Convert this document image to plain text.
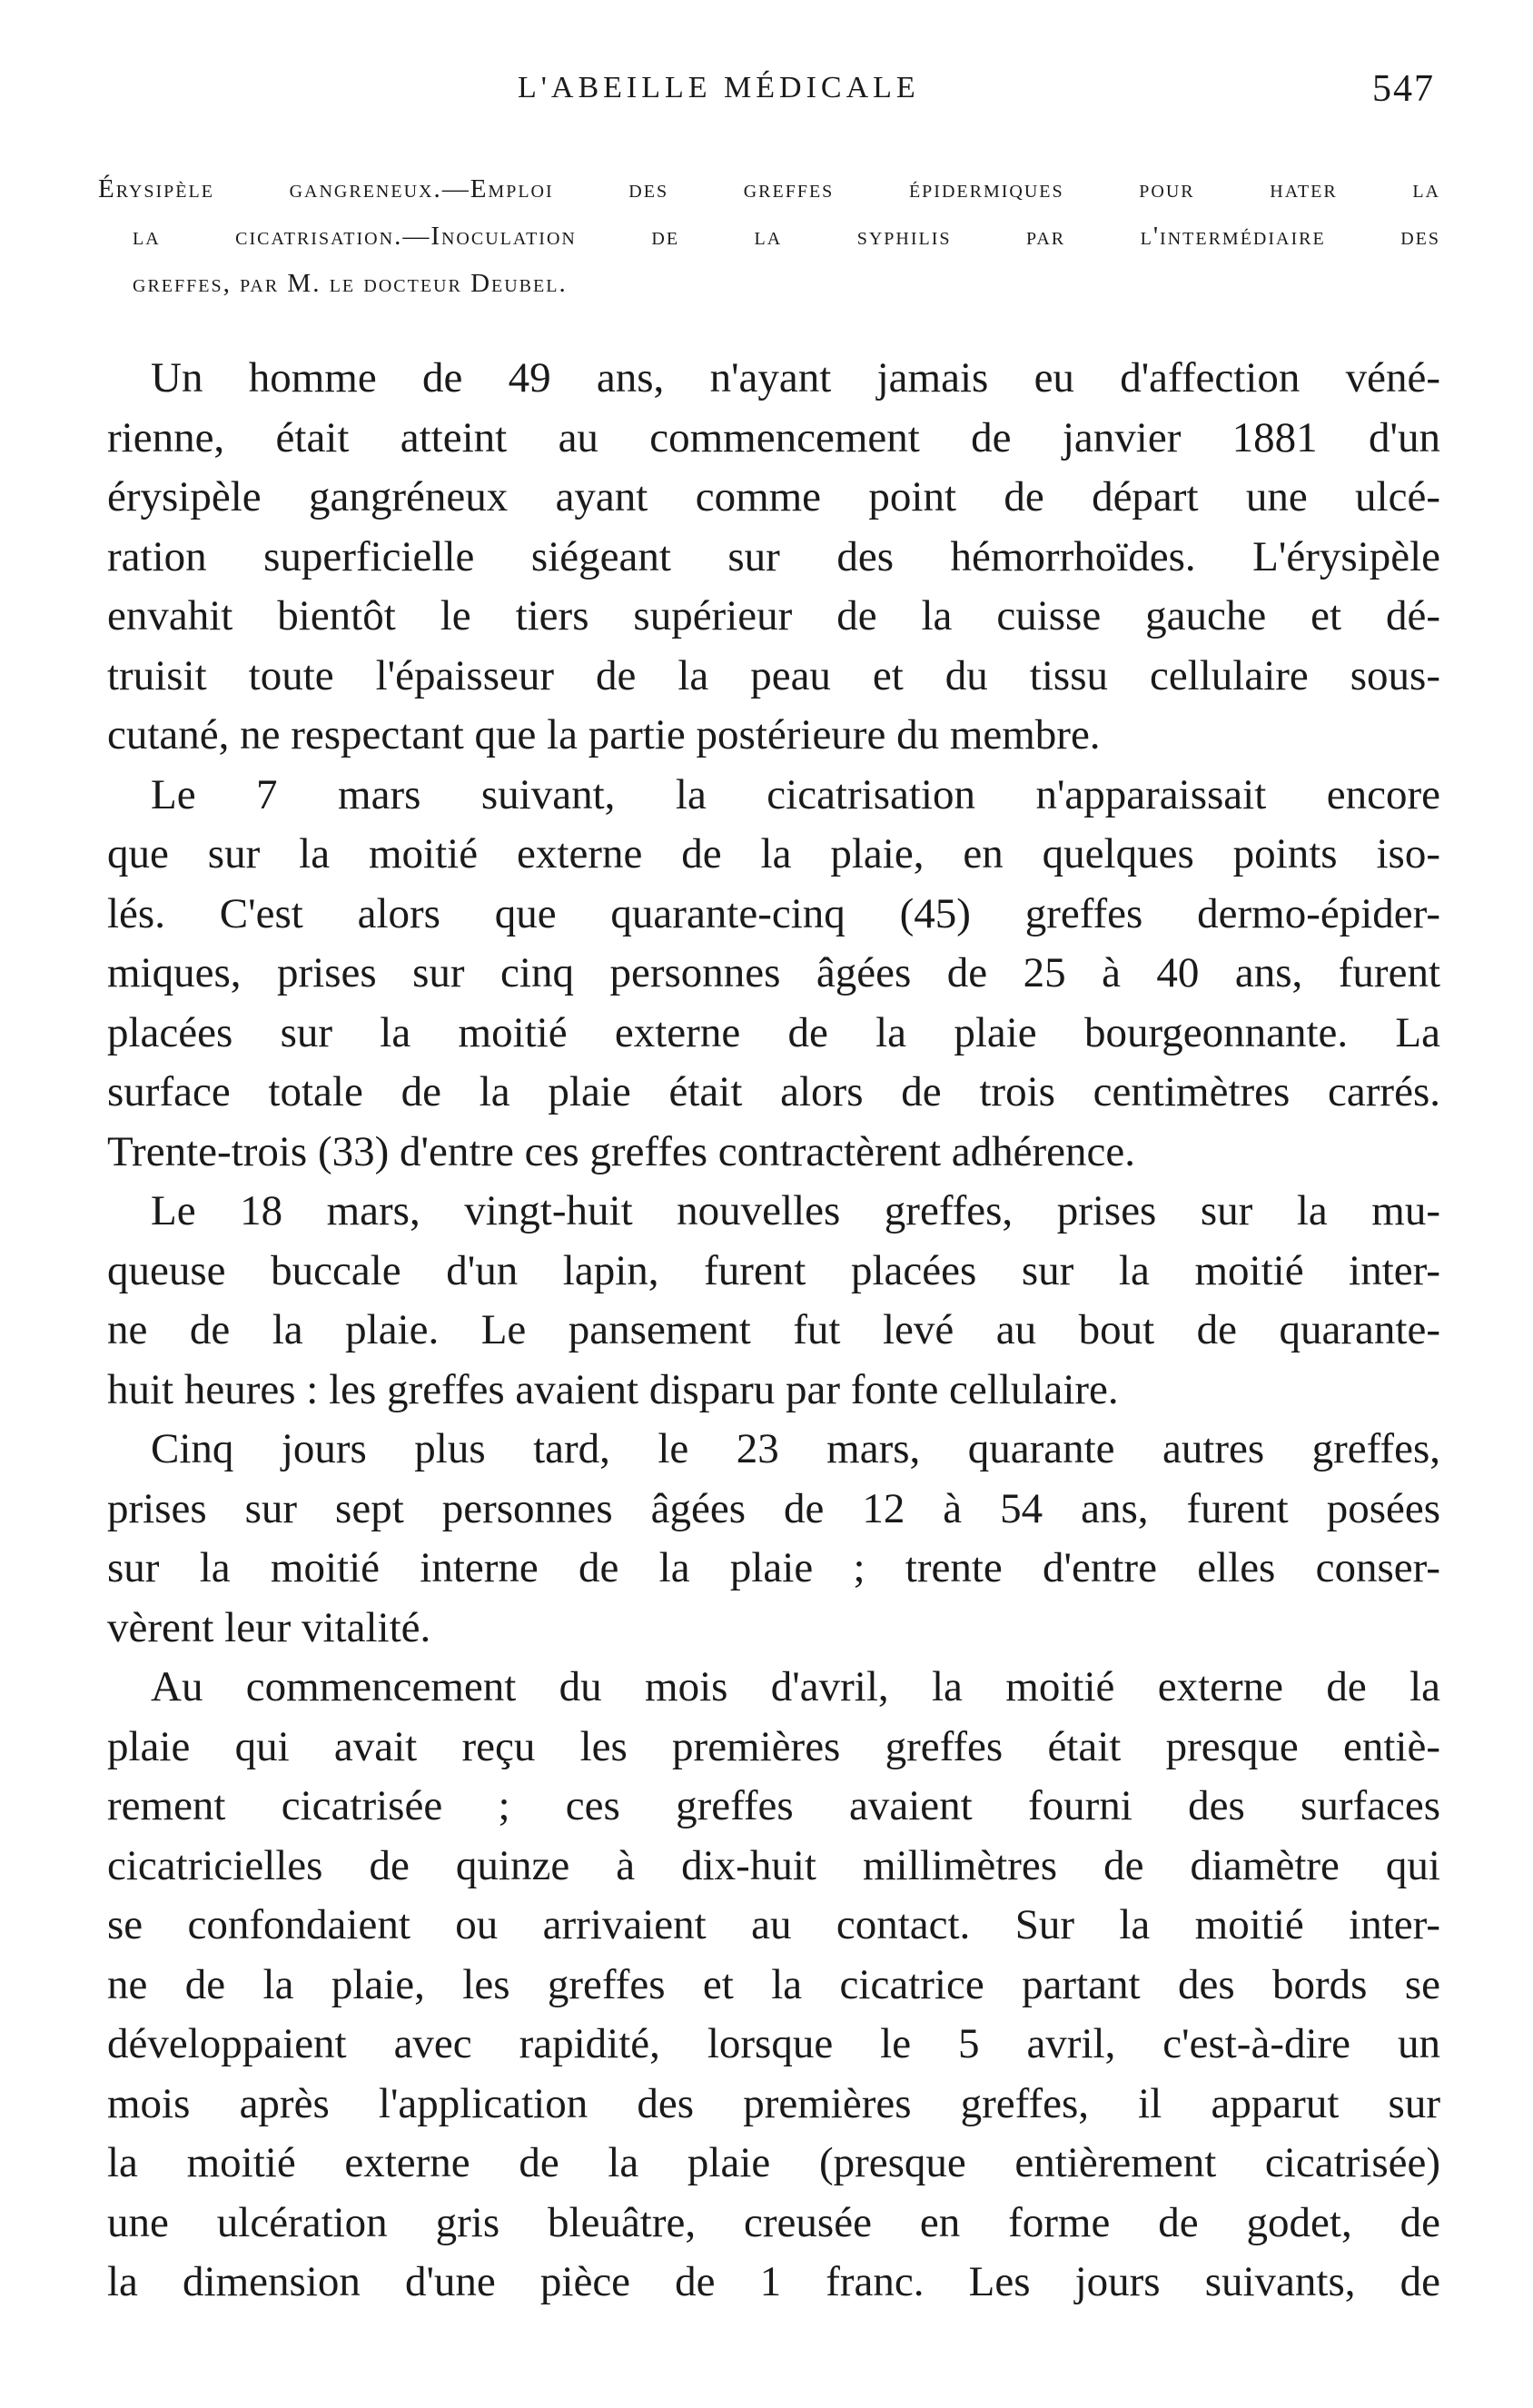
L'ABEILLE MÉDICALE	547
Érysipèle gangreneux.—Emploi des greffes épidermiques pour hater la
la cicatrisation.—Inoculation de la syphilis par l'intermédiaire des
greffes, par M. le docteur Deubel.
Un homme de 49 ans, n'ayant jamais eu d'affection véné-
rienne, était atteint au commencement de janvier 1881 d'un
érysipèle gangréneux ayant comme point de départ une ulcé-
ration superficielle siégeant sur des hémorrhoïdes. L'érysipèle
envahit bientôt le tiers supérieur de la cuisse gauche et dé-
truisit toute l'épaisseur de la peau et du tissu cellulaire sous-
cutané, ne respectant que la partie postérieure du membre.
Le 7 mars suivant, la cicatrisation n'apparaissait encore
que sur la moitié externe de la plaie, en quelques points iso-
lés. C'est alors que quarante-cinq (45) greffes dermo-épider-
miques, prises sur cinq personnes âgées de 25 à 40 ans, furent
placées sur la moitié externe de la plaie bourgeonnante. La
surface totale de la plaie était alors de trois centimètres carrés.
Trente-trois (33) d'entre ces greffes contractèrent adhérence.
Le 18 mars, vingt-huit nouvelles greffes, prises sur la mu-
queuse buccale d'un lapin, furent placées sur la moitié inter-
ne de la plaie. Le pansement fut levé au bout de quarante-
huit heures : les greffes avaient disparu par fonte cellulaire.
Cinq jours plus tard, le 23 mars, quarante autres greffes,
prises sur sept personnes âgées de 12 à 54 ans, furent posées
sur la moitié interne de la plaie ; trente d'entre elles conser-
vèrent leur vitalité.
Au commencement du mois d'avril, la moitié externe de la
plaie qui avait reçu les premières greffes était presque entiè-
rement cicatrisée ; ces greffes avaient fourni des surfaces
cicatricielles de quinze à dix-huit millimètres de diamètre qui
se confondaient ou arrivaient au contact. Sur la moitié inter-
ne de la plaie, les greffes et la cicatrice partant des bords se
développaient avec rapidité, lorsque le 5 avril, c'est-à-dire un
mois après l'application des premières greffes, il apparut sur
la moitié externe de la plaie (presque entièrement cicatrisée)
une ulcération gris bleuâtre, creusée en forme de godet, de
la dimension d'une pièce de 1 franc. Les jours suivants, de
